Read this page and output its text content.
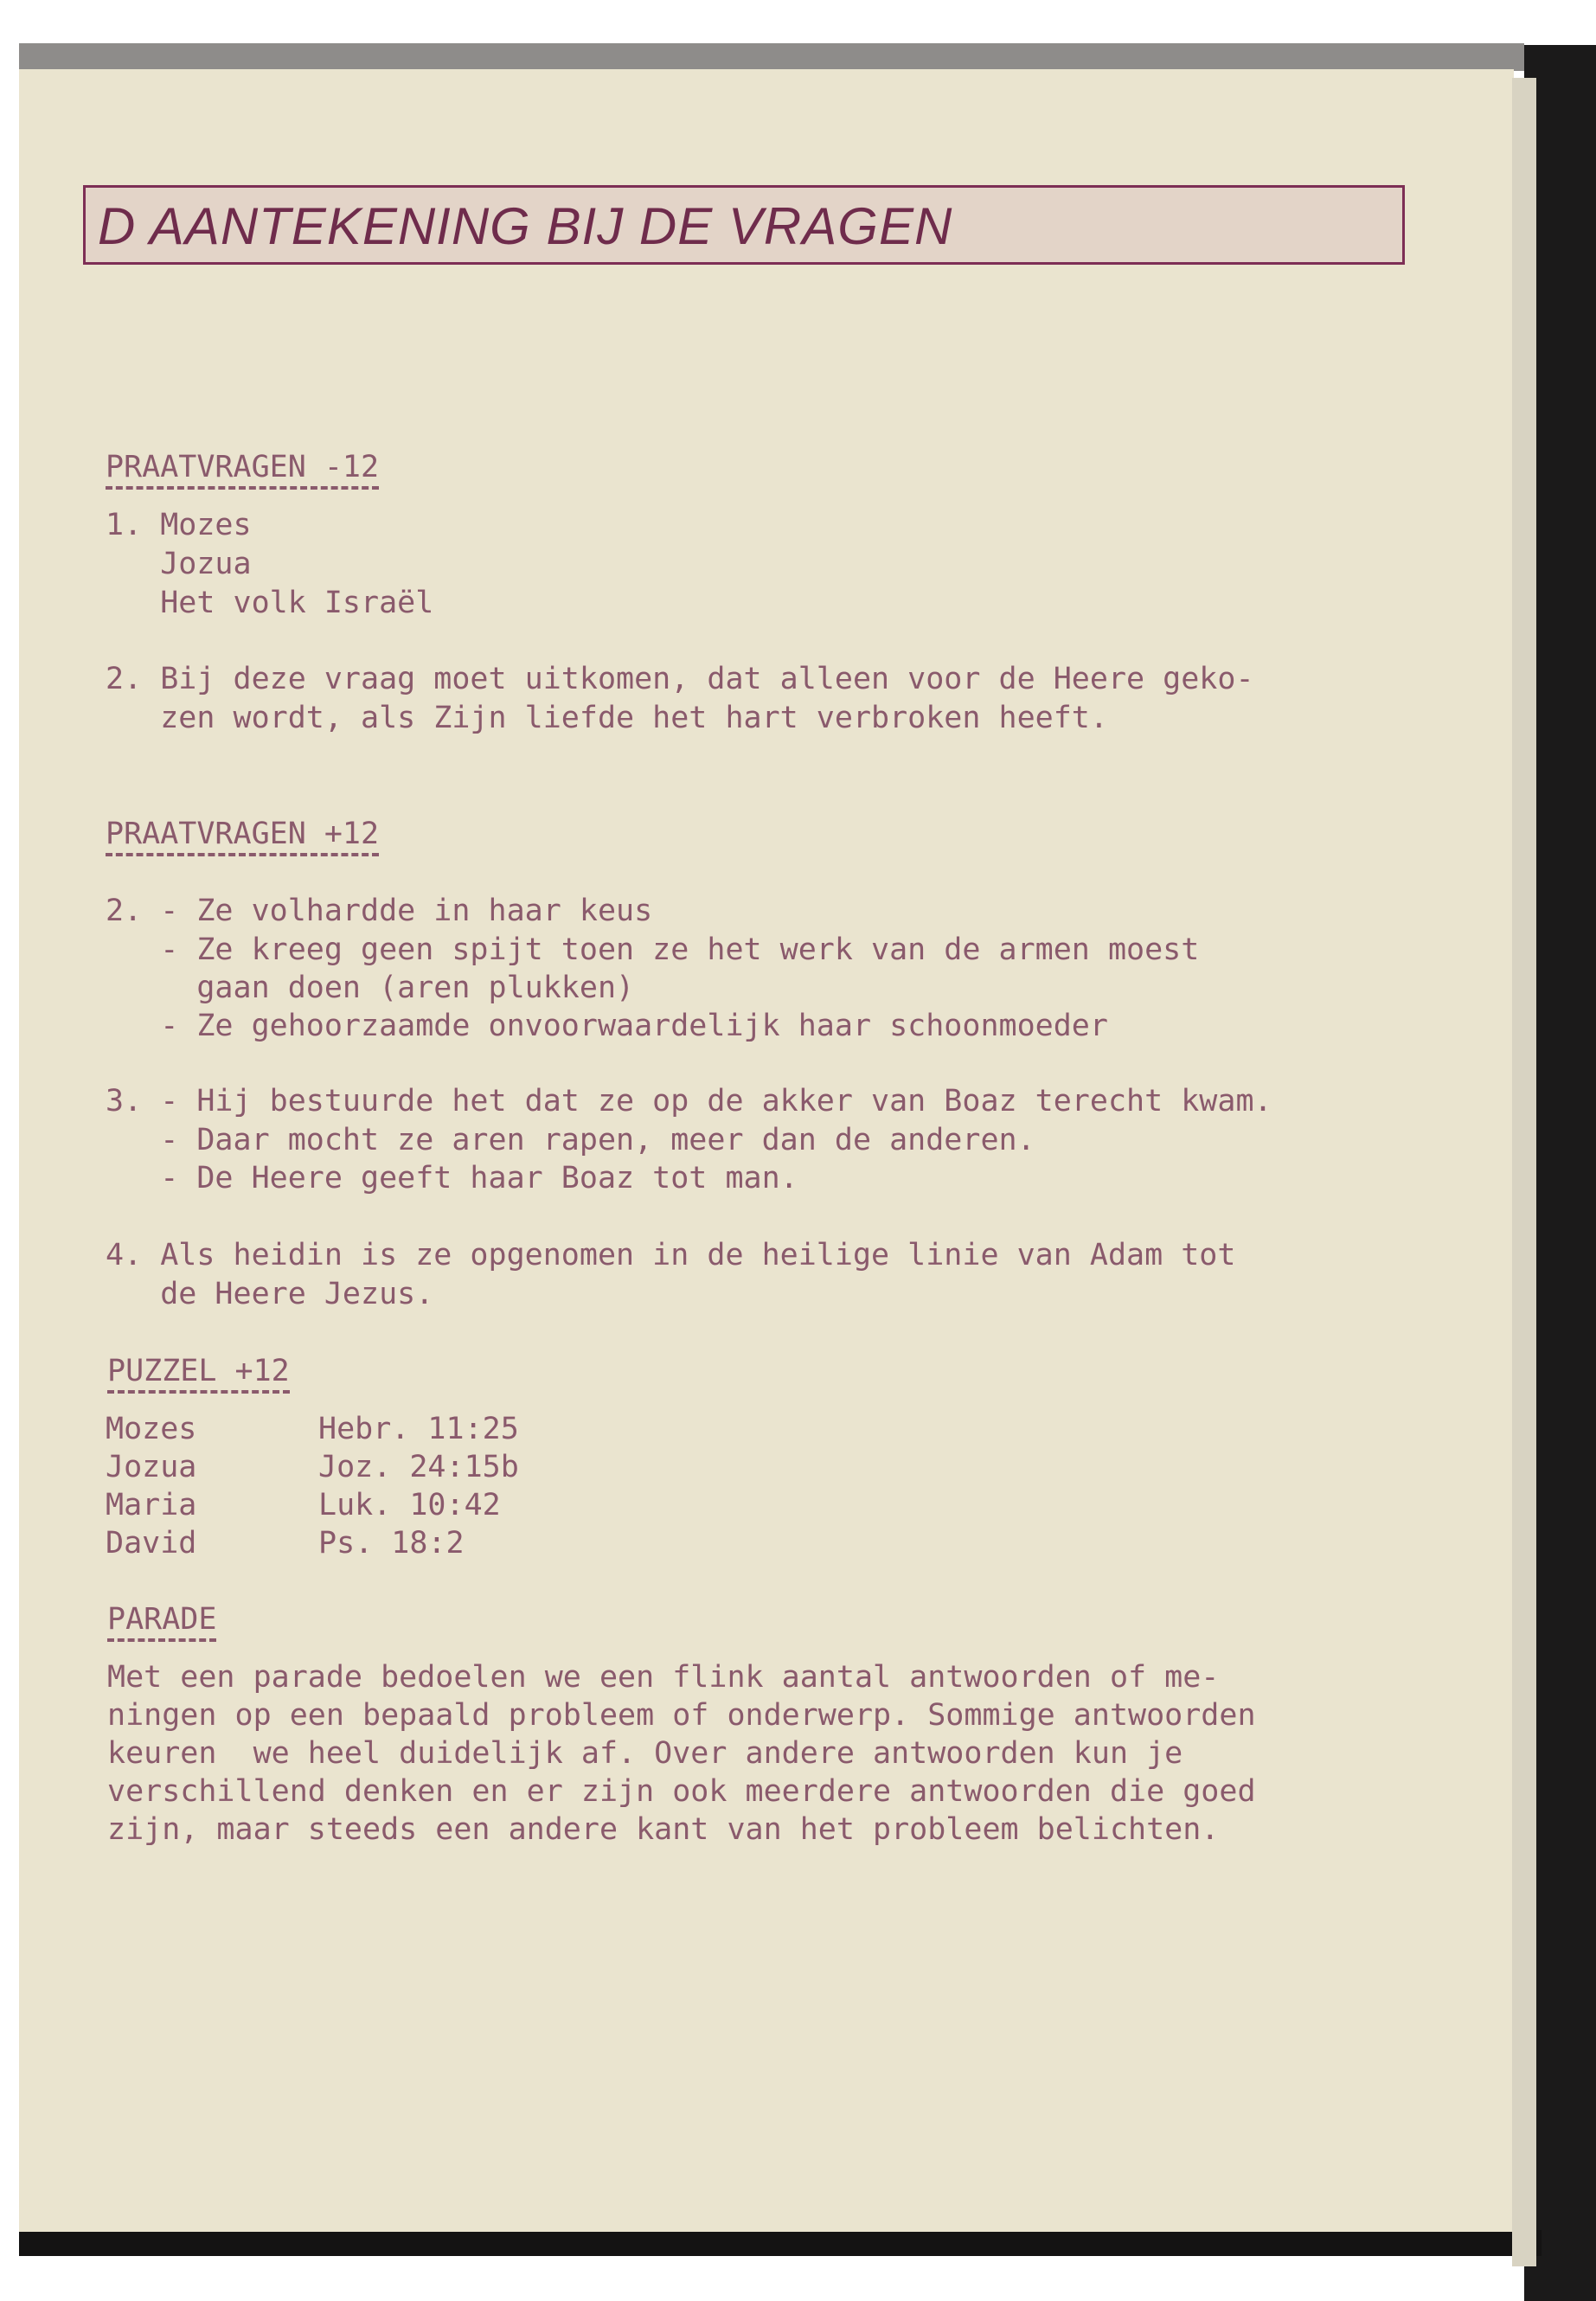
D AANTEKENING BIJ DE VRAGEN
PRAATVRAGEN -12
1. Mozes
Jozua
Het volk Israël
2. Bij deze vraag moet uitkomen, dat alleen voor de Heere geko-
zen wordt, als Zijn liefde het hart verbroken heeft.
PRAATVRAGEN +12
2. - Ze volhardde in haar keus
- Ze kreeg geen spijt toen ze het werk van de armen moest
gaan doen (aren plukken)
- Ze gehoorzaamde onvoorwaardelijk haar schoonmoeder
3. - Hij bestuurde het dat ze op de akker van Boaz terecht kwam.
- Daar mocht ze aren rapen, meer dan de anderen.
- De Heere geeft haar Boaz tot man.
4. Als heidin is ze opgenomen in de heilige linie van Adam tot
de Heere Jezus.
PUZZEL +12
Mozes	Hebr. 11:25
Jozua	Joz. 24:15b
Maria	Luk. 10:42
David	Ps. 18:2
PARADE
Met een parade bedoelen we een flink aantal antwoorden of me-
ningen op een bepaald probleem of onderwerp. Sommige antwoorden
keuren  we heel duidelijk af. Over andere antwoorden kun je
verschillend denken en er zijn ook meerdere antwoorden die goed
zijn, maar steeds een andere kant van het probleem belichten.
